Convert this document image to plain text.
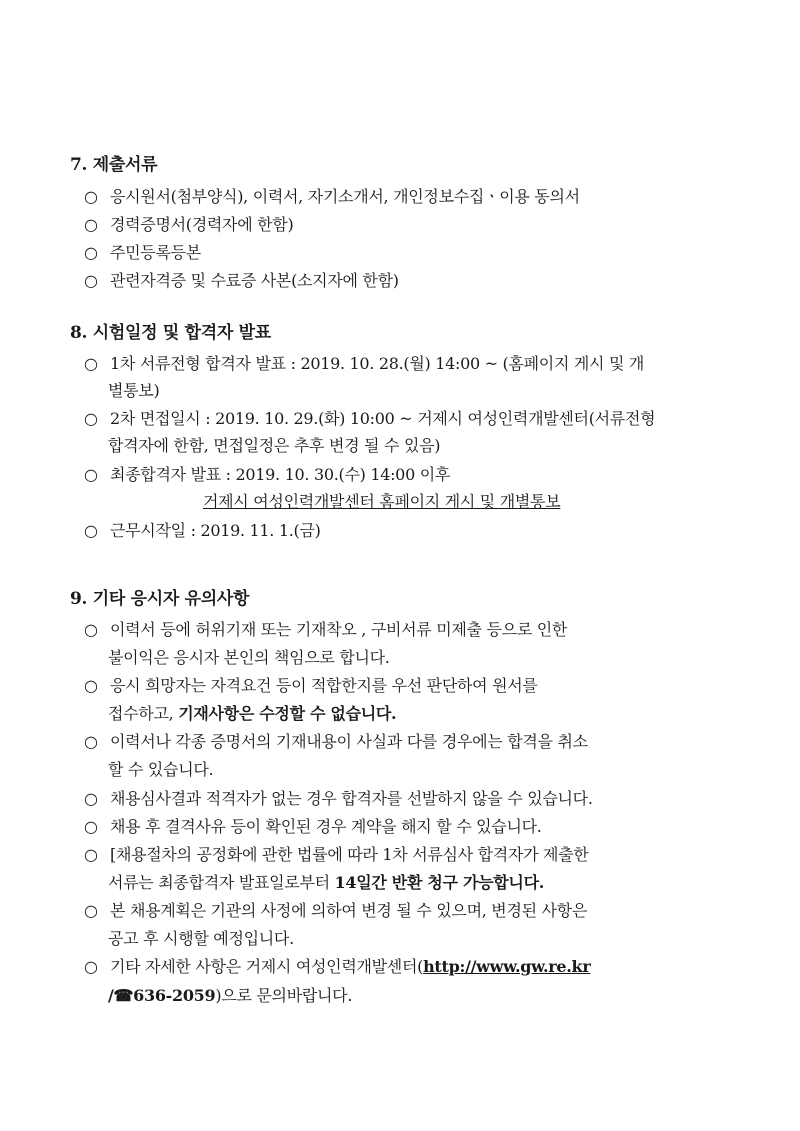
7. 제출서류
○ 응시원서(첨부양식), 이력서, 자기소개서, 개인정보수집ㆍ이용 동의서
○ 경력증명서(경력자에 한함)
○ 주민등록등본
○ 관련자격증 및 수료증 사본(소지자에 한함)
8. 시험일정 및 합격자 발표
○ 1차 서류전형 합격자 발표 : 2019. 10. 28.(월) 14:00 ~ (홈페이지 게시 및 개
별통보)
○ 2차 면접일시 : 2019. 10. 29.(화) 10:00 ~ 거제시 여성인력개발센터(서류전형
합격자에 한함, 면접일정은 추후 변경 될 수 있음)
○ 최종합격자 발표 : 2019. 10. 30.(수) 14:00 이후
거제시 여성인력개발센터 홈페이지 게시 및 개별통보
○ 근무시작일 : 2019. 11. 1.(금)
9. 기타 응시자 유의사항
○ 이력서 등에 허위기재 또는 기재착오 , 구비서류 미제출 등으로 인한
불이익은 응시자 본인의 책임으로 합니다.
○ 응시 희망자는 자격요건 등이 적합한지를 우선 판단하여 원서를
접수하고, 기재사항은 수정할 수 없습니다.
○ 이력서나 각종 증명서의 기재내용이 사실과 다를 경우에는 합격을 취소
할 수 있습니다.
○ 채용심사결과 적격자가 없는 경우 합격자를 선발하지 않을 수 있습니다.
○ 채용 후 결격사유 등이 확인된 경우 계약을 해지 할 수 있습니다.
○ [채용절차의 공정화에 관한 법률에 따라 1차 서류심사 합격자가 제출한
서류는 최종합격자 발표일로부터 14일간 반환 청구 가능합니다.
○ 본 채용계획은 기관의 사정에 의하여 변경 될 수 있으며, 변경된 사항은
공고 후 시행할 예정입니다.
○ 기타 자세한 사항은 거제시 여성인력개발센터(http://www.gw.re.kr
/☎636-2059)으로 문의바랍니다.
